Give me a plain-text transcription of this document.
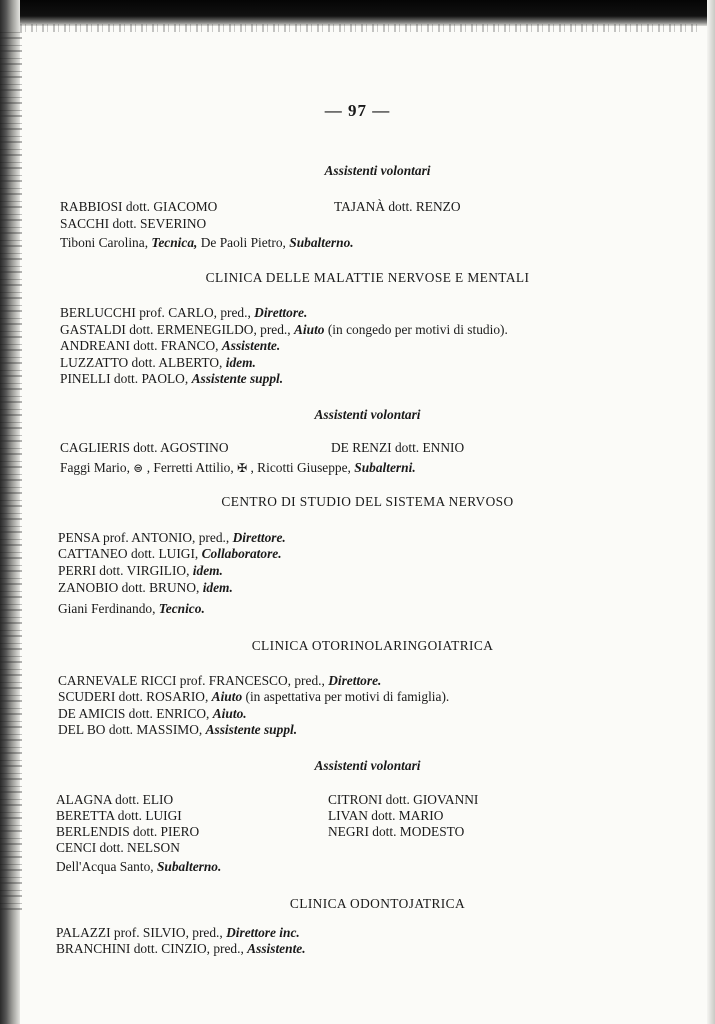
— 97 —
Assistenti volontari
RABBIOSI dott. GIACOMO	TAJANÀ dott. RENZO
SACCHI dott. SEVERINO
Tiboni Carolina, Tecnica, De Paoli Pietro, Subalterno.
CLINICA DELLE MALATTIE NERVOSE E MENTALI
BERLUCCHI prof. CARLO, pred., Direttore.
GASTALDI dott. ERMENEGILDO, pred., Aiuto (in congedo per motivi di studio).
ANDREANI dott. FRANCO, Assistente.
LUZZATTO dott. ALBERTO, idem.
PINELLI dott. PAOLO, Assistente suppl.
Assistenti volontari
CAGLIERIS dott. AGOSTINO	DE RENZI dott. ENNIO
Faggi Mario, ⊜ , Ferretti Attilio, ✠ , Ricotti Giuseppe, Subalterni.
CENTRO DI STUDIO DEL SISTEMA NERVOSO
PENSA prof. ANTONIO, pred., Direttore.
CATTANEO dott. LUIGI, Collaboratore.
PERRI dott. VIRGILIO, idem.
ZANOBIO dott. BRUNO, idem.
Giani Ferdinando, Tecnico.
CLINICA OTORINOLARINGOIATRICA
CARNEVALE RICCI prof. FRANCESCO, pred., Direttore.
SCUDERI dott. ROSARIO, Aiuto (in aspettativa per motivi di famiglia).
DE AMICIS dott. ENRICO, Aiuto.
DEL BO dott. MASSIMO, Assistente suppl.
Assistenti volontari
ALAGNA dott. ELIO
BERETTA dott. LUIGI
BERLENDIS dott. PIERO
CENCI dott. NELSON
CITRONI dott. GIOVANNI
LIVAN dott. MARIO
NEGRI dott. MODESTO
Dell'Acqua Santo, Subalterno.
CLINICA ODONTOJATRICA
PALAZZI prof. SILVIO, pred., Direttore inc.
BRANCHINI dott. CINZIO, pred., Assistente.
